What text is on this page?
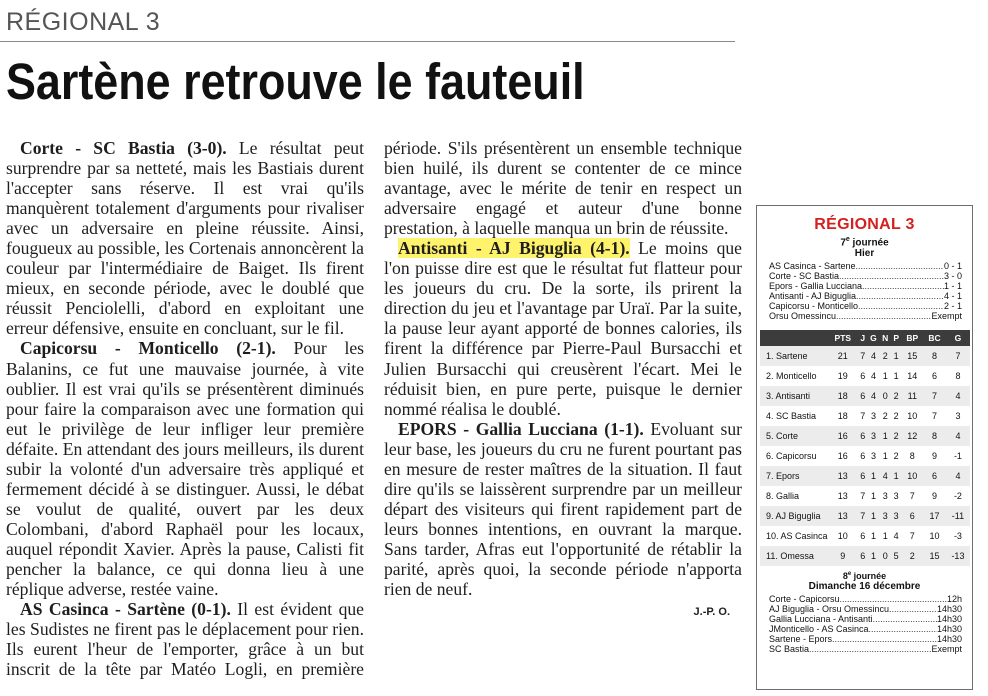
RÉGIONAL 3
Sartène retrouve le fauteuil

Corte - SC Bastia (3-0). Le résultat peut surprendre par sa netteté, mais les Bastiais durent l'accepter sans réserve. Il est vrai qu'ils manquèrent totalement d'arguments pour rivaliser avec un adversaire en pleine réussite. Ainsi, fougueux au possible, les Cortenais annoncèrent la couleur par l'intermédiaire de Baiget. Ils firent mieux, en seconde période, avec le doublé que réussit Penciolelli, d'abord en exploitant une erreur défensive, ensuite en concluant, sur le fil.

Capicorsu - Monticello (2-1). Pour les Balanins, ce fut une mauvaise journée, à vite oublier. Il est vrai qu'ils se présentèrent diminués pour faire la comparaison avec une formation qui eut le privilège de leur infliger leur première défaite. En attendant des jours meilleurs, ils durent subir la volonté d'un adversaire très appliqué et fermement décidé à se distinguer. Aussi, le débat se voulut de qualité, ouvert par les deux Colombani, d'abord Raphaël pour les locaux, auquel répondit Xavier. Après la pause, Calisti fit pencher la balance, ce qui donna lieu à une réplique adverse, restée vaine.

AS Casinca - Sartène (0-1). Il est évident que les Sudistes ne firent pas le déplacement pour rien. Ils eurent l'heur de l'emporter, grâce à un but inscrit de la tête par Matéo Logli, en première période. S'ils présentèrent un ensemble technique bien huilé, ils durent se contenter de ce mince avantage, avec le mérite de tenir en respect un adversaire engagé et auteur d'une bonne prestation, à laquelle manqua un brin de réussite.

Antisanti - AJ Biguglia (4-1). Le moins que l'on puisse dire est que le résultat fut flatteur pour les joueurs du cru. De la sorte, ils prirent la direction du jeu et l'avantage par Uraï. Par la suite, la pause leur ayant apporté de bonnes calories, ils firent la différence par Pierre-Paul Bursacchi et Julien Bursacchi qui creusèrent l'écart. Mei le réduisit bien, en pure perte, puisque le dernier nommé réalisa le doublé.

EPORS - Gallia Lucciana (1-1). Evoluant sur leur base, les joueurs du cru ne furent pourtant pas en mesure de rester maîtres de la situation. Il faut dire qu'ils se laissèrent surprendre par un meilleur départ des visiteurs qui firent rapidement part de leurs bonnes intentions, en ouvrant la marque. Sans tarder, Afras eut l'opportunité de rétablir la parité, après quoi, la seconde période n'apporta rien de neuf.

J.-P. O.

RÉGIONAL 3
7e journée
Hier
AS Casinca - Sartene .....	0 - 1
Corte - SC Bastia .....	3 - 0
Epors - Gallia Lucciana .....	1 - 1
Antisanti - AJ Biguglia .....	4 - 1
Capicorsu - Monticello .....	2 - 1
Orsu Omessincu .....	Exempt
	PTS	J	G	N	P	BP	BC	G
1. Sartene	21	7	4	2	1	15	8	7
2. Monticello	19	6	4	1	1	14	6	8
3. Antisanti	18	6	4	0	2	11	7	4
4. SC Bastia	18	7	3	2	2	10	7	3
5. Corte	16	6	3	1	2	12	8	4
6. Capicorsu	16	6	3	1	2	8	9	-1
7. Epors	13	6	1	4	1	10	6	4
8. Gallia	13	7	1	3	3	7	9	-2
9. AJ Biguglia	13	7	1	3	3	6	17	-11
10. AS Casinca	10	6	1	1	4	7	10	-3
11. Omessa	9	6	1	0	5	2	15	-13
8e journée
Dimanche 16 décembre
Corte - Capicorsu .....	12h
AJ Biguglia - Orsu Omessincu .....	14h30
Gallia Lucciana - Antisanti .....	14h30
JMonticello - AS Casinca .....	14h30
Sartene - Epors .....	14h30
SC Bastia .....	Exempt
